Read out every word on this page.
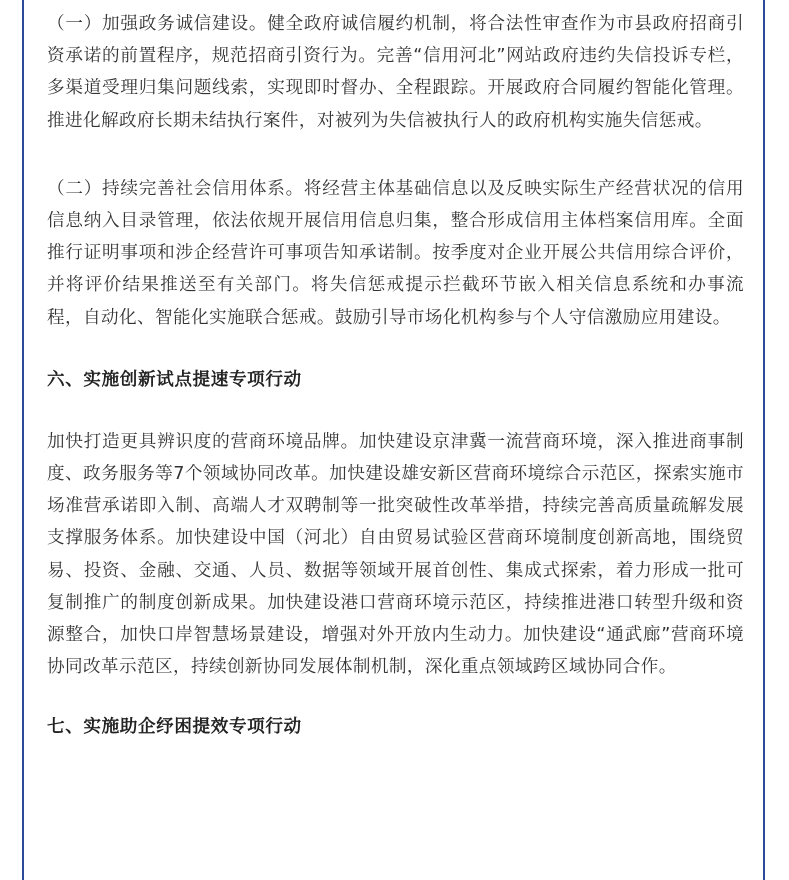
（一）加强政务诚信建设。健全政府诚信履约机制，将合法性审查作为市县政府招商引资承诺的前置程序，规范招商引资行为。完善“信用河北”网站政府违约失信投诉专栏，多渠道受理归集问题线索，实现即时督办、全程跟踪。开展政府合同履约智能化管理。推进化解政府长期未结执行案件，对被列为失信被执行人的政府机构实施失信惩戒。

（二）持续完善社会信用体系。将经营主体基础信息以及反映实际生产经营状况的信用信息纳入目录管理，依法依规开展信用信息归集，整合形成信用主体档案信用库。全面推行证明事项和涉企经营许可事项告知承诺制。按季度对企业开展公共信用综合评价，并将评价结果推送至有关部门。将失信惩戒提示拦截环节嵌入相关信息系统和办事流程，自动化、智能化实施联合惩戒。鼓励引导市场化机构参与个人守信激励应用建设。

六、实施创新试点提速专项行动

加快打造更具辨识度的营商环境品牌。加快建设京津冀一流营商环境，深入推进商事制度、政务服务等7个领域协同改革。加快建设雄安新区营商环境综合示范区，探索实施市场准营承诺即入制、高端人才双聘制等一批突破性改革举措，持续完善高质量疏解发展支撑服务体系。加快建设中国（河北）自由贸易试验区营商环境制度创新高地，围绕贸易、投资、金融、交通、人员、数据等领域开展首创性、集成式探索，着力形成一批可复制推广的制度创新成果。加快建设港口营商环境示范区，持续推进港口转型升级和资源整合，加快口岸智慧场景建设，增强对外开放内生动力。加快建设“通武廊”营商环境协同改革示范区，持续创新协同发展体制机制，深化重点领域跨区域协同合作。

七、实施助企纾困提效专项行动
